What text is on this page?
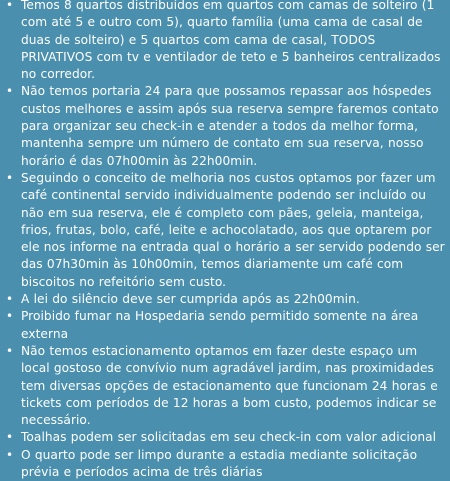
• Temos 8 quartos distribuídos em quartos com camas de solteiro (1 com até 5 e outro com 5), quarto família (uma cama de casal de duas de solteiro) e 5 quartos com cama de casal, TODOS PRIVATIVOS com tv e ventilador de teto e 5 banheiros centralizados no corredor.
• Não temos portaria 24 para que possamos repassar aos hóspedes custos melhores e assim após sua reserva sempre faremos contato para organizar seu check-in e atender a todos da melhor forma, mantenha sempre um número de contato em sua reserva, nosso horário é das 07h00min às 22h00min.
• Seguindo o conceito de melhoria nos custos optamos por fazer um café continental servido individualmente podendo ser incluído ou não em sua reserva, ele é completo com pães, geleia, manteiga, frios, frutas, bolo, café, leite e achocolatado, aos que optarem por ele nos informe na entrada qual o horário a ser servido podendo ser das 07h30min às 10h00min, temos diariamente um café com biscoitos no refeitório sem custo.
• A lei do silêncio deve ser cumprida após as 22h00min.
• Proibido fumar na Hospedaria sendo permitido somente na área externa
• Não temos estacionamento optamos em fazer deste espaço um local gostoso de convívio num agradável jardim, nas proximidades tem diversas opções de estacionamento que funcionam 24 horas e tickets com períodos de 12 horas a bom custo, podemos indicar se necessário.
• Toalhas podem ser solicitadas em seu check-in com valor adicional
• O quarto pode ser limpo durante a estadia mediante solicitação prévia e períodos acima de três diárias
